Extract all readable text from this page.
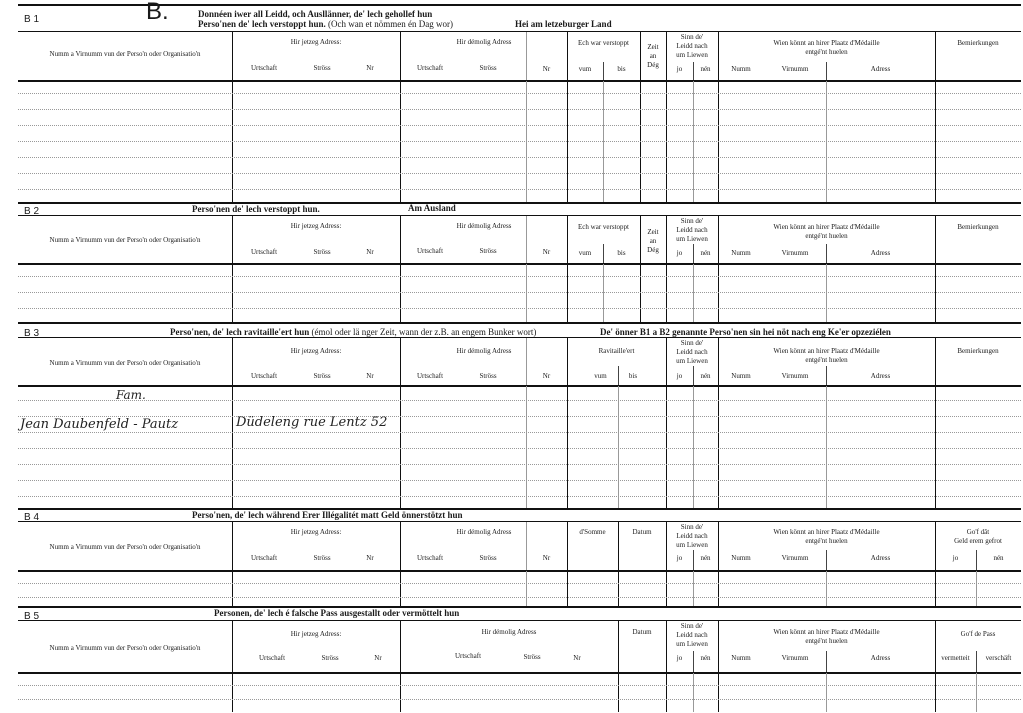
B 1	B.	Donnéen iwer all Leidd, och Ausllänner, de' lech gehollef hun
Perso'nen de' lech verstoppt hun. (Och wan et nömmen én Dag wor)	Hei am letzeburger Land
Numm a Virnumm vun der Perso'n oder Organisatio'n
Hir jetzeg Adress:
Urtschaft	Ströss	Nr
Hir démolig Adress
Urtschaft	Ströss	Nr
Ech war verstoppt
vum	bis
Zeit
an
Dég
Sinn de'
Leidd nach
um Liewen
jo	nén
Wien könnt an hirer Plaatz d'Médaille
entgé'nt huelen
Numm	Virnumm	Adress
Bemierkungen
B 2	Perso'nen de' lech verstoppt hun.	Am Ausland
Numm a Virnumm vun der Perso'n oder Organisatio'n
Hir jetzeg Adress:
Urtschaft	Ströss	Nr
Hir démolig Adress
Urtschaft	Ströss	Nr
Ech war verstoppt
vum	bis
Zeit
an
Dég
Sinn de'
Leidd nach
um Liewen
jo	nén
Wien könnt an hirer Plaatz d'Médaille
entgé'nt huelen
Numm	Virnumm	Adress
Bemierkungen
B 3	Perso'nen, de' lech ravitaille'ert hun (émol oder lä nger Zeit, wann der z.B. an engem Bunker wort)	De' önner B1 a B2 genannte Perso'nen sin hei nöt nach eng Ke'er opzeziélen
Numm a Virnumm vun der Perso'n oder Organisatio'n
Hir jetzeg Adress:
Urtschaft	Ströss	Nr
Hir démolig Adress
Urtschaft	Ströss	Nr
Ravitaille'ert
vum	bis
Sinn de'
Leidd nach
um Liewen
jo	nén
Wien könnt an hirer Plaatz d'Médaille
entgé'nt huelen
Numm	Virnumm	Adress
Bemierkungen
Fam.
Jean Daubenfeld - Pautz	Düdeleng rue Lentz 52
B 4	Perso'nen, de' lech während Erer Illégalitét matt Geld önnerstötzt hun
Numm a Virnumm vun der Perso'n oder Organisatio'n
Hir jetzeg Adress:
Urtschaft	Ströss	Nr
Hir démolig Adress
Urtschaft	Ströss	Nr
d'Somme	Datum
Sinn de'
Leidd nach
um Liewen
jo	nén
Wien könnt an hirer Plaatz d'Médaille
entgé'nt huelen
Numm	Virnumm	Adress
Go'f dât
Geld erem gefrot
jo	nén
B 5	Personen, de' lech é falsche Pass ausgestallt oder vermöttelt hun
Numm a Virnumm vun der Perso'n oder Organisatio'n
Hir jetzeg Adress:
Urtschaft	Ströss	Nr
Hir démolig Adress
Urtschaft	Ströss	Nr
Datum
Sinn de'
Leidd nach
um Liewen
jo	nén
Wien könnt an hirer Plaatz d'Médaille
entgé'nt huelen
Numm	Virnumm	Adress
Go'f de Pass
vermetteit	verschäft
